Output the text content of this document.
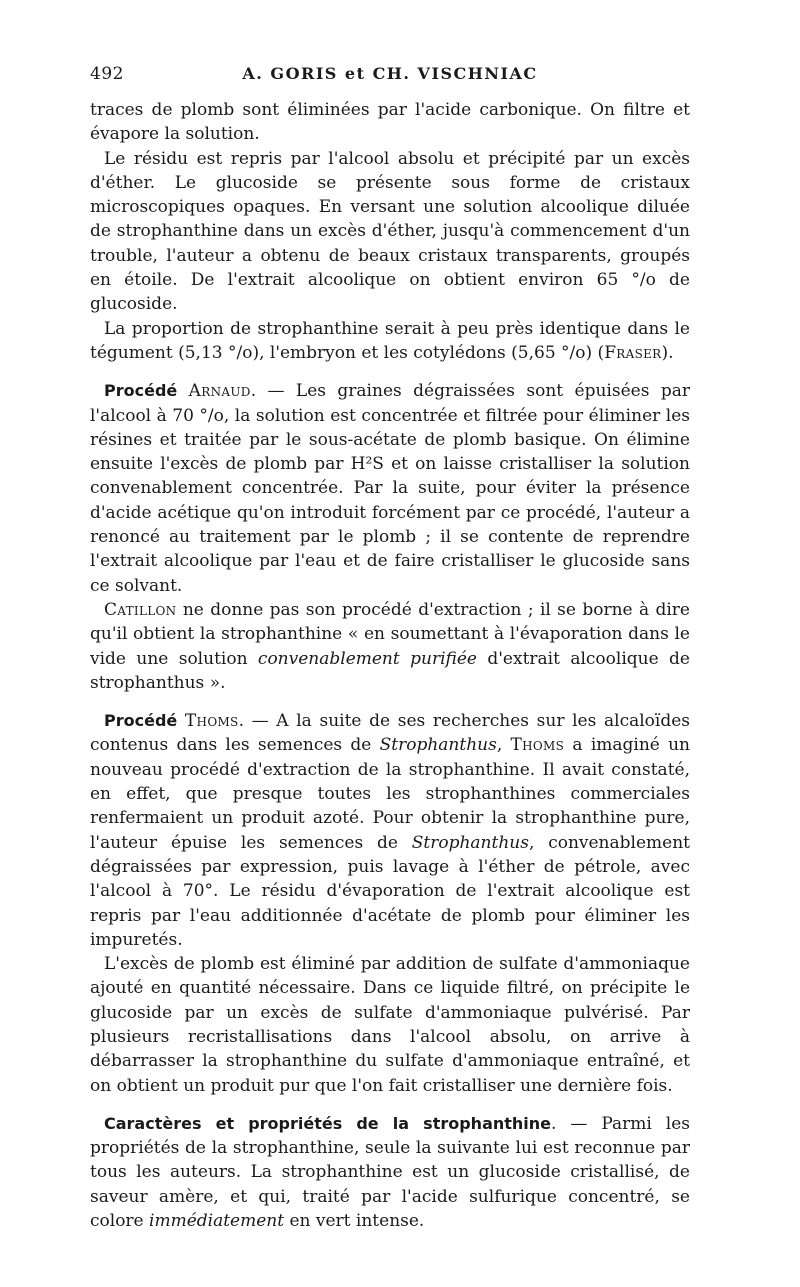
492	A. GORIS et CH. VISCHNIAC

traces de plomb sont éliminées par l'acide carbonique. On filtre et évapore la solution.

Le résidu est repris par l'alcool absolu et précipité par un excès d'éther. Le glucoside se présente sous forme de cristaux microscopiques opaques. En versant une solution alcoolique diluée de strophanthine dans un excès d'éther, jusqu'à commencement d'un trouble, l'auteur a obtenu de beaux cristaux transparents, groupés en étoile. De l'extrait alcoolique on obtient environ 65 °/o de glucoside.

La proportion de strophanthine serait à peu près identique dans le tégument (5,13 °/o), l'embryon et les cotylédons (5,65 °/o) (Fraser).

Procédé Arnaud. — Les graines dégraissées sont épuisées par l'alcool à 70 °/o, la solution est concentrée et filtrée pour éliminer les résines et traitée par le sous-acétate de plomb basique. On élimine ensuite l'excès de plomb par H²S et on laisse cristalliser la solution convenablement concentrée. Par la suite, pour éviter la présence d'acide acétique qu'on introduit forcément par ce procédé, l'auteur a renoncé au traitement par le plomb ; il se contente de reprendre l'extrait alcoolique par l'eau et de faire cristalliser le glucoside sans ce solvant.

Catillon ne donne pas son procédé d'extraction ; il se borne à dire qu'il obtient la strophanthine « en soumettant à l'évaporation dans le vide une solution convenablement purifiée d'extrait alcoolique de strophanthus ».

Procédé Thoms. — A la suite de ses recherches sur les alcaloïdes contenus dans les semences de Strophanthus, Thoms a imaginé un nouveau procédé d'extraction de la strophanthine. Il avait constaté, en effet, que presque toutes les strophanthines commerciales renfermaient un produit azoté. Pour obtenir la strophanthine pure, l'auteur épuise les semences de Strophanthus, convenablement dégraissées par expression, puis lavage à l'éther de pétrole, avec l'alcool à 70°. Le résidu d'évaporation de l'extrait alcoolique est repris par l'eau additionnée d'acétate de plomb pour éliminer les impuretés.

L'excès de plomb est éliminé par addition de sulfate d'ammoniaque ajouté en quantité nécessaire. Dans ce liquide filtré, on précipite le glucoside par un excès de sulfate d'ammoniaque pulvérisé. Par plusieurs recristallisations dans l'alcool absolu, on arrive à débarrasser la strophanthine du sulfate d'ammoniaque entraîné, et on obtient un produit pur que l'on fait cristalliser une dernière fois.

Caractères et propriétés de la strophanthine. — Parmi les propriétés de la strophanthine, seule la suivante lui est reconnue par tous les auteurs. La strophanthine est un glucoside cristallisé, de saveur amère, et qui, traité par l'acide sulfurique concentré, se colore immédiatement en vert intense.
